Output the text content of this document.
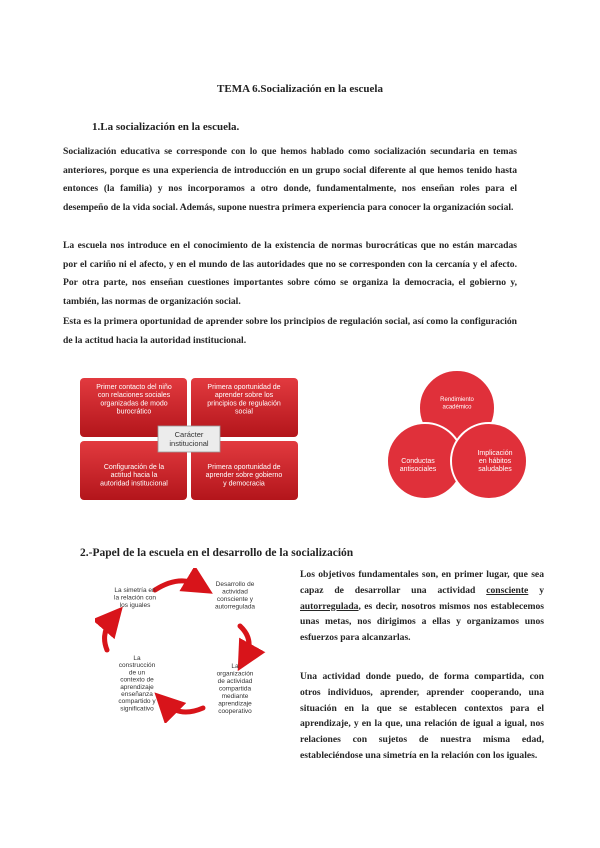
TEMA 6.Socialización en la escuela
1.La socialización en la escuela.
Socialización educativa se corresponde con lo que hemos hablado como socialización secundaria en temas anteriores, porque es una experiencia de introducción en un grupo social diferente al que hemos tenido hasta entonces (la familia) y nos incorporamos a otro donde, fundamentalmente, nos enseñan roles para el desempeño de la vida social. Además, supone nuestra primera experiencia para conocer la organización social.
La escuela nos introduce en el conocimiento de la existencia de normas burocráticas que no están marcadas por el cariño ni el afecto, y en el mundo de las autoridades que no se corresponden con la cercanía y el afecto. Por otra parte, nos enseñan cuestiones importantes sobre cómo se organiza la democracia, el gobierno y, también, las normas de organización social.
Esta es la primera oportunidad de aprender sobre los principios de regulación social, así como la configuración de la actitud hacia la autoridad institucional.
Primer contacto del niño
con relaciones sociales
organizadas de modo
burocrático
Primera oportunidad de
aprender sobre los
principios de regulación
social
Configuración de la
actitud hacia la
autoridad institucional
Primera oportunidad de
aprender sobre gobierno
y democracia
Carácter
institucional
Rendimiento
académico
Conductas
antisociales
Implicación
en hábitos
saludables
2.-Papel de la escuela en el desarrollo de la socialización
Desarrollo de
actividad
consciente y
autorregulada
La
organización
de actividad
compartida
mediante
aprendizaje
cooperativo
La
construcción
de un
contexto de
aprendizaje
enseñanza
compartido y
significativo
La simetría en
la relación con
los iguales
Los objetivos fundamentales son, en primer lugar, que sea capaz de desarrollar una actividad consciente y autorregulada, es decir, nosotros mismos nos establecemos unas metas, nos dirigimos a ellas y organizamos unos esfuerzos para alcanzarlas.
Una actividad donde puedo, de forma compartida, con otros individuos, aprender, aprender cooperando, una situación en la que se establecen contextos para el aprendizaje, y en la que, una relación de igual a igual, nos relaciones con sujetos de nuestra misma edad, estableciéndose una simetría en la relación con los iguales.
